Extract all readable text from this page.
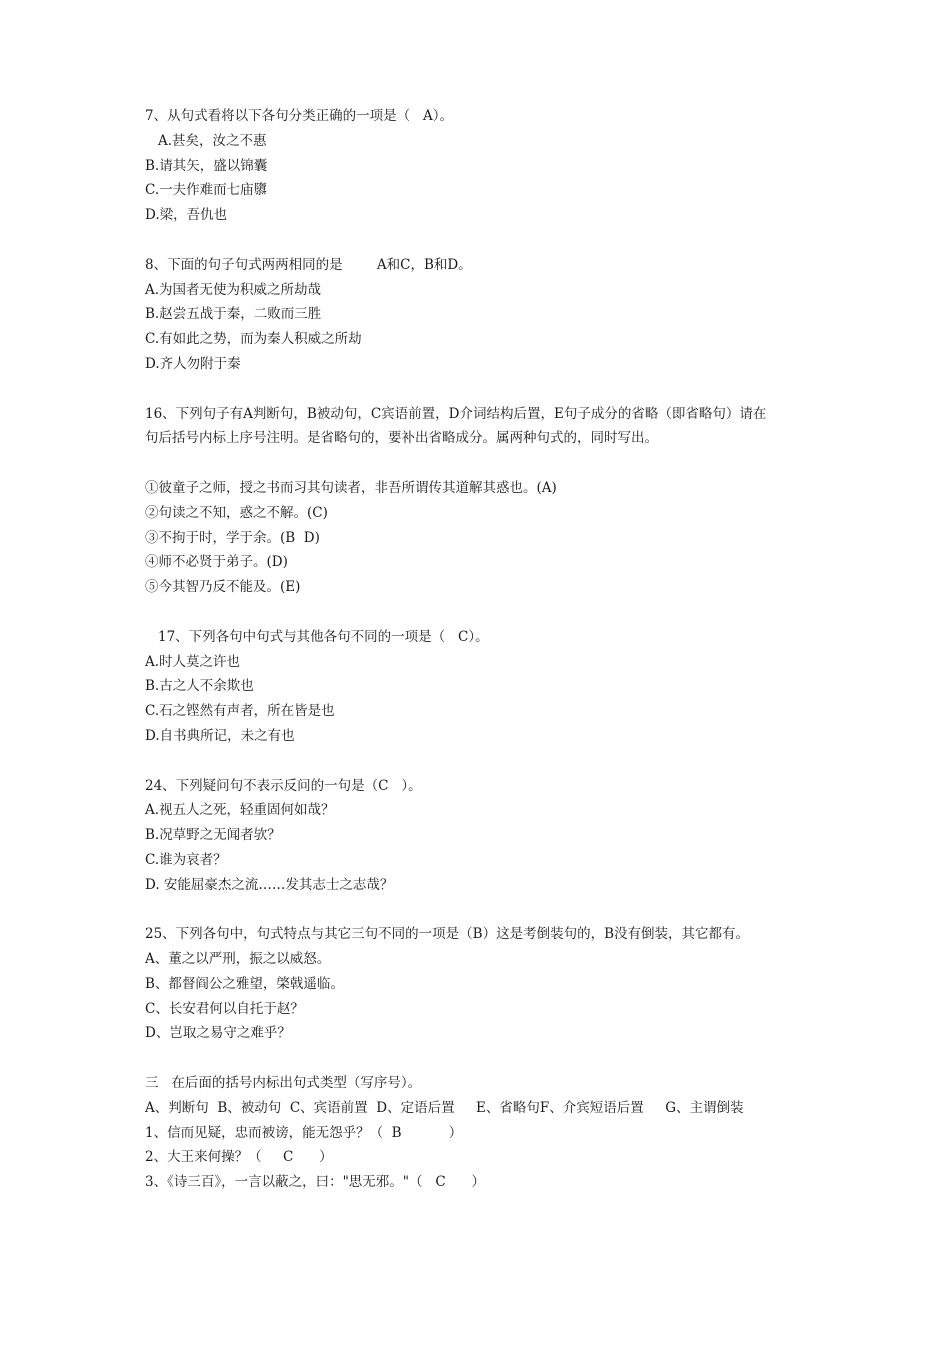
7、从句式看将以下各句分类正确的一项是（   A）。
A.甚矣，汝之不惠
B.请其矢，盛以锦囊
C.一夫作难而七庙隳
D.梁，吾仇也
8、下面的句子句式两两相同的是        A和C，B和D。
A.为国者无使为积威之所劫哉
B.赵尝五战于秦，二败而三胜
C.有如此之势，而为秦人积威之所劫
D.齐人勿附于秦
16、下列句子有A判断句，B被动句，C宾语前置，D介词结构后置，E句子成分的省略（即省略句）请在
句后括号内标上序号注明。是省略句的，要补出省略成分。属两种句式的，同时写出。
①彼童子之师，授之书而习其句读者，非吾所谓传其道解其惑也。(A)
②句读之不知，惑之不解。(C)
③不拘于时，学于余。(B  D)
④师不必贤于弟子。(D)
⑤今其智乃反不能及。(E)
17、下列各句中句式与其他各句不同的一项是（   C）。
A.时人莫之许也
B.古之人不余欺也
C.石之铿然有声者，所在皆是也
D.自书典所记，未之有也
24、下列疑问句不表示反问的一句是（C   ）。
A.视五人之死，轻重固何如哉？
B.况草野之无闻者欤？
C.谁为哀者？
D. 安能屈豪杰之流……发其志士之志哉？
25、下列各句中，句式特点与其它三句不同的一项是（B）这是考倒装句的，B没有倒装，其它都有。
A、董之以严刑，振之以威怒。
B、都督阎公之雅望，棨戟遥临。
C、长安君何以自托于赵？
D、岂取之易守之难乎？
三   在后面的括号内标出句式类型（写序号）。
A、判断句  B、被动句  C、宾语前置  D、定语后置     E、省略句F、介宾短语后置     G、主谓倒装
1、信而见疑，忠而被谤，能无怨乎？（  B           ）
2、大王来何操？（     C      ）
3、《诗三百》，一言以蔽之，曰："思无邪。"（   C      ）
